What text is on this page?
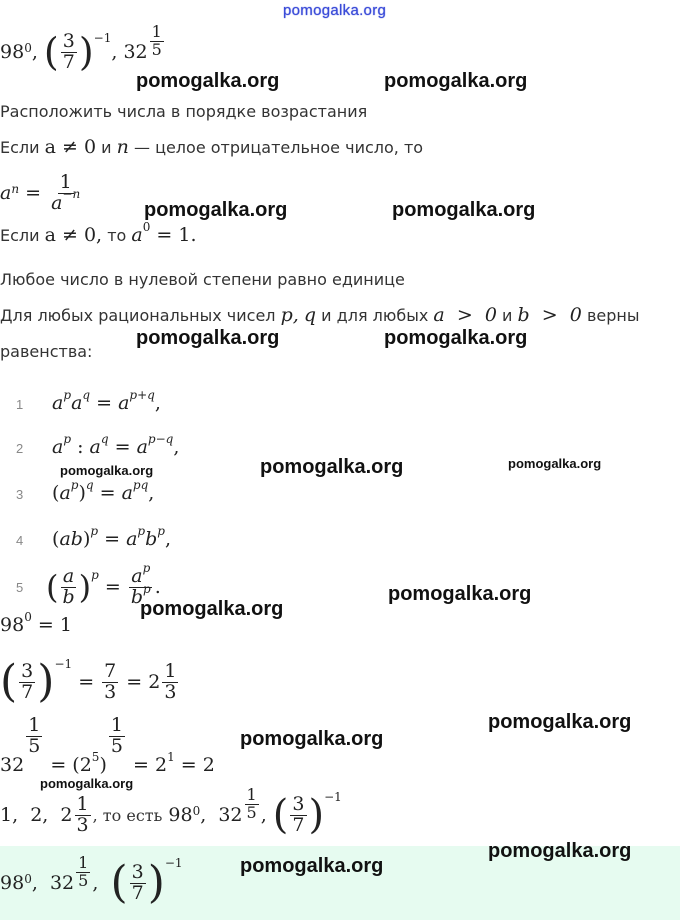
pomogalka.org
98 0 , ( $\frac{3}{7}$ ) −1
, $32 \frac{1}{5}$
pomogalka.org	pomogalka.org
Расположить числа в порядке возрастания
Если a ≠ 0 и n — целое отрицательное число, то
a $n = \frac{1}{a^{-n}}$	pomogalka.org	pomogalka.org
Если a ≠ 0, то $a^0 = 1$.
Любое число в нулевой степени равно единице
Для любых рациональных чисел p, q и для любых a  >  0 и b  >  0 верны
равенства:
pomogalka.org	pomogalka.org
1 $a^pa^q = a^{p+q}$,
2 $a^p$ : $a^q = a^{p-q}$,
pomogalka.org	pomogalka.org	pomogalka.org
3 $(a^p)^q = a^{pq}$,
4 $(ab)^p = a^pb^p$,
5 ( $\frac{a}{b}$ ) p
= $\frac{a^p}{b^p}$ .
pomogalka.org
pomogalka.org
$98^0 = 1$
( $\frac{3}{7}$ ) −1
= $\frac{7}{3} = 2 \frac{1}{3}$
pomogalka.org
pomogalka.org
32
$\frac{1}{5}$
= $(2^5)$
$\frac{1}{5}$
= $2^1 = 2$
pomogalka.org
1,  2,  $2 \frac{1}{3}$ , то есть
98 0 ,  $32 \frac{1}{5}$ , ( $\frac{3}{7}$ ) −1
98 0 ,  $32 \frac{1}{5}$ , ( $\frac{3}{7}$ ) −1
pomogalka.org
pomogalka.org
